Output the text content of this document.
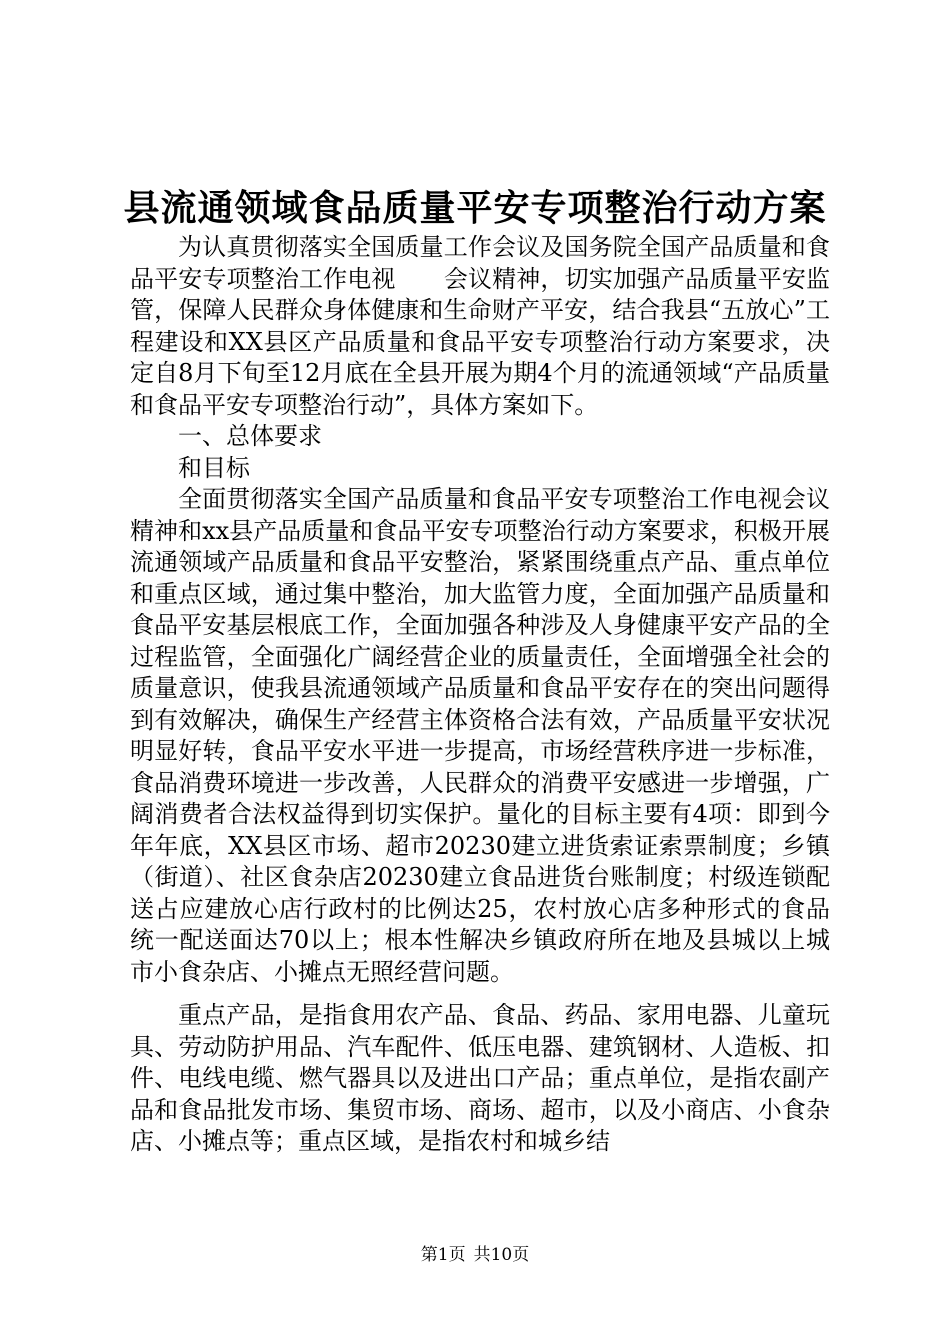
县流通领域食品质量平安专项整治行动方案

为认真贯彻落实全国质量工作会议及国务院全国产品质量和食品平安专项整治工作电视　　会议精神，切实加强产品质量平安监管，保障人民群众身体健康和生命财产平安，结合我县“五放心”工程建设和XX县区产品质量和食品平安专项整治行动方案要求，决定自8月下旬至12月底在全县开展为期4个月的流通领域“产品质量和食品平安专项整治行动”，具体方案如下。

一、总体要求

和目标

全面贯彻落实全国产品质量和食品平安专项整治工作电视会议精神和xx县产品质量和食品平安专项整治行动方案要求，积极开展流通领域产品质量和食品平安整治，紧紧围绕重点产品、重点单位和重点区域，通过集中整治，加大监管力度，全面加强产品质量和食品平安基层根底工作，全面加强各种涉及人身健康平安产品的全过程监管，全面强化广阔经营企业的质量责任，全面增强全社会的质量意识，使我县流通领域产品质量和食品平安存在的突出问题得到有效解决，确保生产经营主体资格合法有效，产品质量平安状况明显好转，食品平安水平进一步提高，市场经营秩序进一步标准，食品消费环境进一步改善，人民群众的消费平安感进一步增强，广阔消费者合法权益得到切实保护。量化的目标主要有4项：即到今年年底，XX县区市场、超市20230建立进货索证索票制度；乡镇（街道）、社区食杂店20230建立食品进货台账制度；村级连锁配送占应建放心店行政村的比例达25，农村放心店多种形式的食品统一配送面达70以上；根本性解决乡镇政府所在地及县城以上城市小食杂店、小摊点无照经营问题。

重点产品，是指食用农产品、食品、药品、家用电器、儿童玩具、劳动防护用品、汽车配件、低压电器、建筑钢材、人造板、扣件、电线电缆、燃气器具以及进出口产品；重点单位，是指农副产品和食品批发市场、集贸市场、商场、超市，以及小商店、小食杂店、小摊点等；重点区域，是指农村和城乡结

第1页 共10页
